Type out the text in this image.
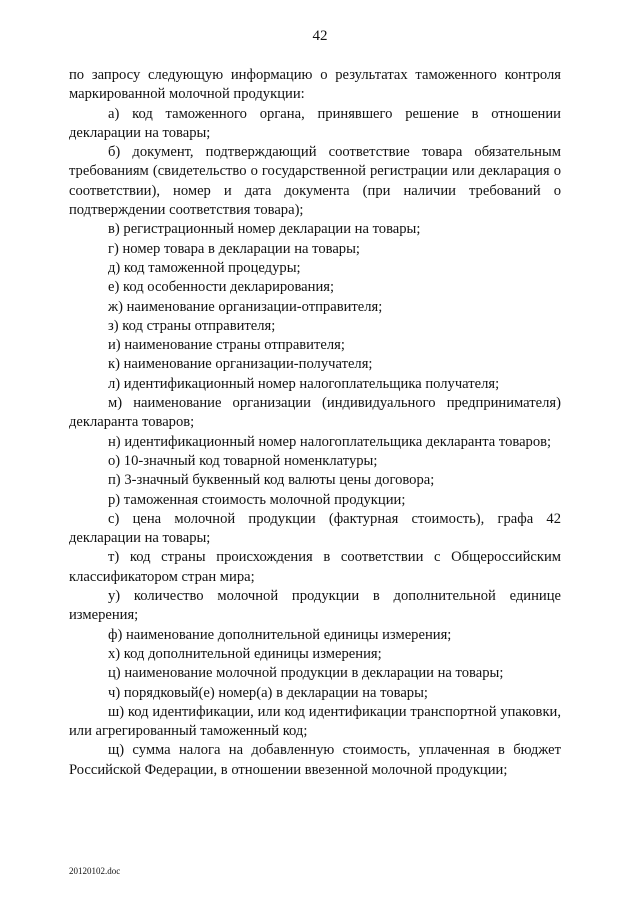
42

по запросу следующую информацию о результатах таможенного контроля маркированной молочной продукции:

а) код таможенного органа, принявшего решение в отношении декларации на товары;

б) документ, подтверждающий соответствие товара обязательным требованиям (свидетельство о государственной регистрации или декларация о соответствии), номер и дата документа (при наличии требований о подтверждении соответствия товара);

в) регистрационный номер декларации на товары;

г) номер товара в декларации на товары;

д) код таможенной процедуры;

е) код особенности декларирования;

ж) наименование организации-отправителя;

з) код страны отправителя;

и) наименование страны отправителя;

к) наименование организации-получателя;

л) идентификационный номер налогоплательщика получателя;

м) наименование организации (индивидуального предпринимателя) декларанта товаров;

н) идентификационный номер налогоплательщика декларанта товаров;

о) 10-значный код товарной номенклатуры;

п) 3-значный буквенный код валюты цены договора;

р) таможенная стоимость молочной продукции;

с) цена молочной продукции (фактурная стоимость), графа 42 декларации на товары;

т) код страны происхождения в соответствии с Общероссийским классификатором стран мира;

у) количество молочной продукции в дополнительной единице измерения;

ф) наименование дополнительной единицы измерения;

х) код дополнительной единицы измерения;

ц) наименование молочной продукции в декларации на товары;

ч) порядковый(е) номер(а) в декларации на товары;

ш) код идентификации, или код идентификации транспортной упаковки, или агрегированный таможенный код;

щ) сумма налога на добавленную стоимость, уплаченная в бюджет Российской Федерации, в отношении ввезенной молочной продукции;

20120102.doc
